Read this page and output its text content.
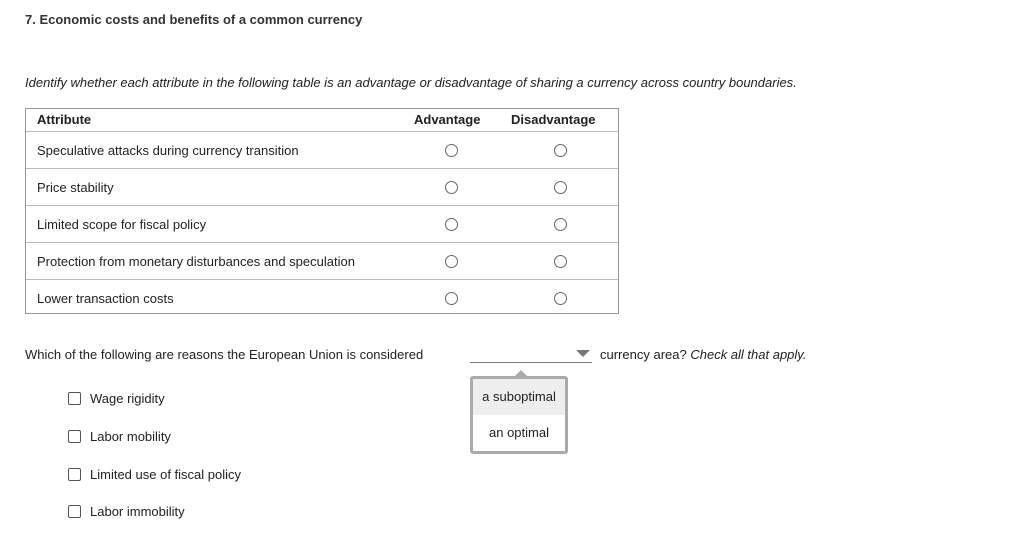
7. Economic costs and benefits of a common currency
Identify whether each attribute in the following table is an advantage or disadvantage of sharing a currency across country boundaries.
Attribute	Advantage Disadvantage
Speculative attacks during currency transition
Price stability
Limited scope for fiscal policy
Protection from monetary disturbances and speculation
Lower transaction costs
Which of the following are reasons the European Union is considered	currency area? Check all that apply.
a suboptimal
an optimal
Wage rigidity
Labor mobility
Limited use of fiscal policy
Labor immobility
